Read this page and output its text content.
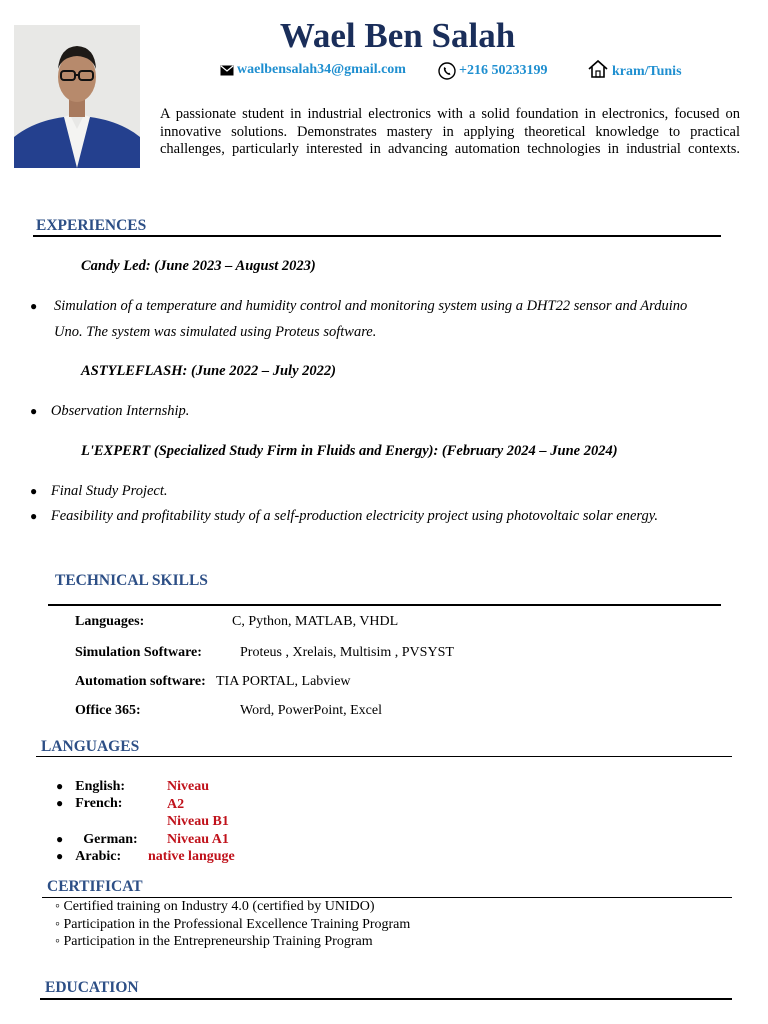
Wael Ben Salah
waelbensalah34@gmail.com	+216 50233199	kram/Tunis
A passionate student in industrial electronics with a solid foundation in electronics, focused on innovative solutions. Demonstrates mastery in applying theoretical knowledge to practical challenges, particularly interested in advancing automation technologies in industrial contexts.
EXPERIENCES
Candy Led: (June 2023 – August 2023)
● Simulation of a temperature and humidity control and monitoring system using a DHT22 sensor and Arduino
Uno. The system was simulated using Proteus software.
ASTYLEFLASH: (June 2022 – July 2022)
● Observation Internship.
L'EXPERT (Specialized Study Firm in Fluids and Energy): (February 2024 – June 2024)
● Final Study Project.
● Feasibility and profitability study of a self-production electricity project using photovoltaic solar energy.
TECHNICAL SKILLS
Languages:	C, Python, MATLAB, VHDL
Simulation Software:	Proteus , Xrelais, Multisim , PVSYST
Automation software: TIA PORTAL, Labview
Office 365:	Word, PowerPoint, Excel
LANGUAGES
● English:	Niveau
● French:	A2
Niveau B1
● German: Niveau A1
● Arabic: native languge
CERTIFICAT
◦ Certified training on Industry 4.0 (certified by UNIDO)
◦ Participation in the Professional Excellence Training Program
◦ Participation in the Entrepreneurship Training Program
EDUCATION
